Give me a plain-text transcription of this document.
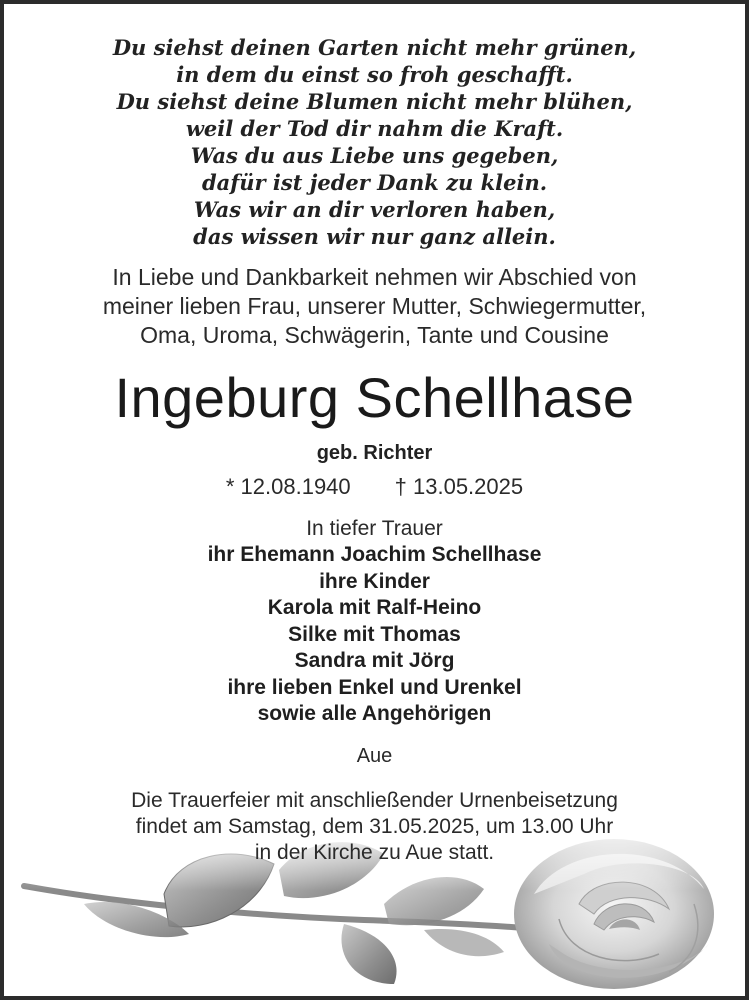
Du siehst deinen Garten nicht mehr grünen,
in dem du einst so froh geschafft.
Du siehst deine Blumen nicht mehr blühen,
weil der Tod dir nahm die Kraft.
Was du aus Liebe uns gegeben,
dafür ist jeder Dank zu klein.
Was wir an dir verloren haben,
das wissen wir nur ganz allein.
In Liebe und Dankbarkeit nehmen wir Abschied von
meiner lieben Frau, unserer Mutter, Schwiegermutter,
Oma, Uroma, Schwägerin, Tante und Cousine
Ingeburg Schellhase
geb. Richter
* 12.08.1940 † 13.05.2025
In tiefer Trauer
ihr Ehemann Joachim Schellhase
ihre Kinder
Karola mit Ralf-Heino
Silke mit Thomas
Sandra mit Jörg
ihre lieben Enkel und Urenkel
sowie alle Angehörigen
Aue
Die Trauerfeier mit anschließender Urnenbeisetzung
findet am Samstag, dem 31.05.2025, um 13.00 Uhr
in der Kirche zu Aue statt.
